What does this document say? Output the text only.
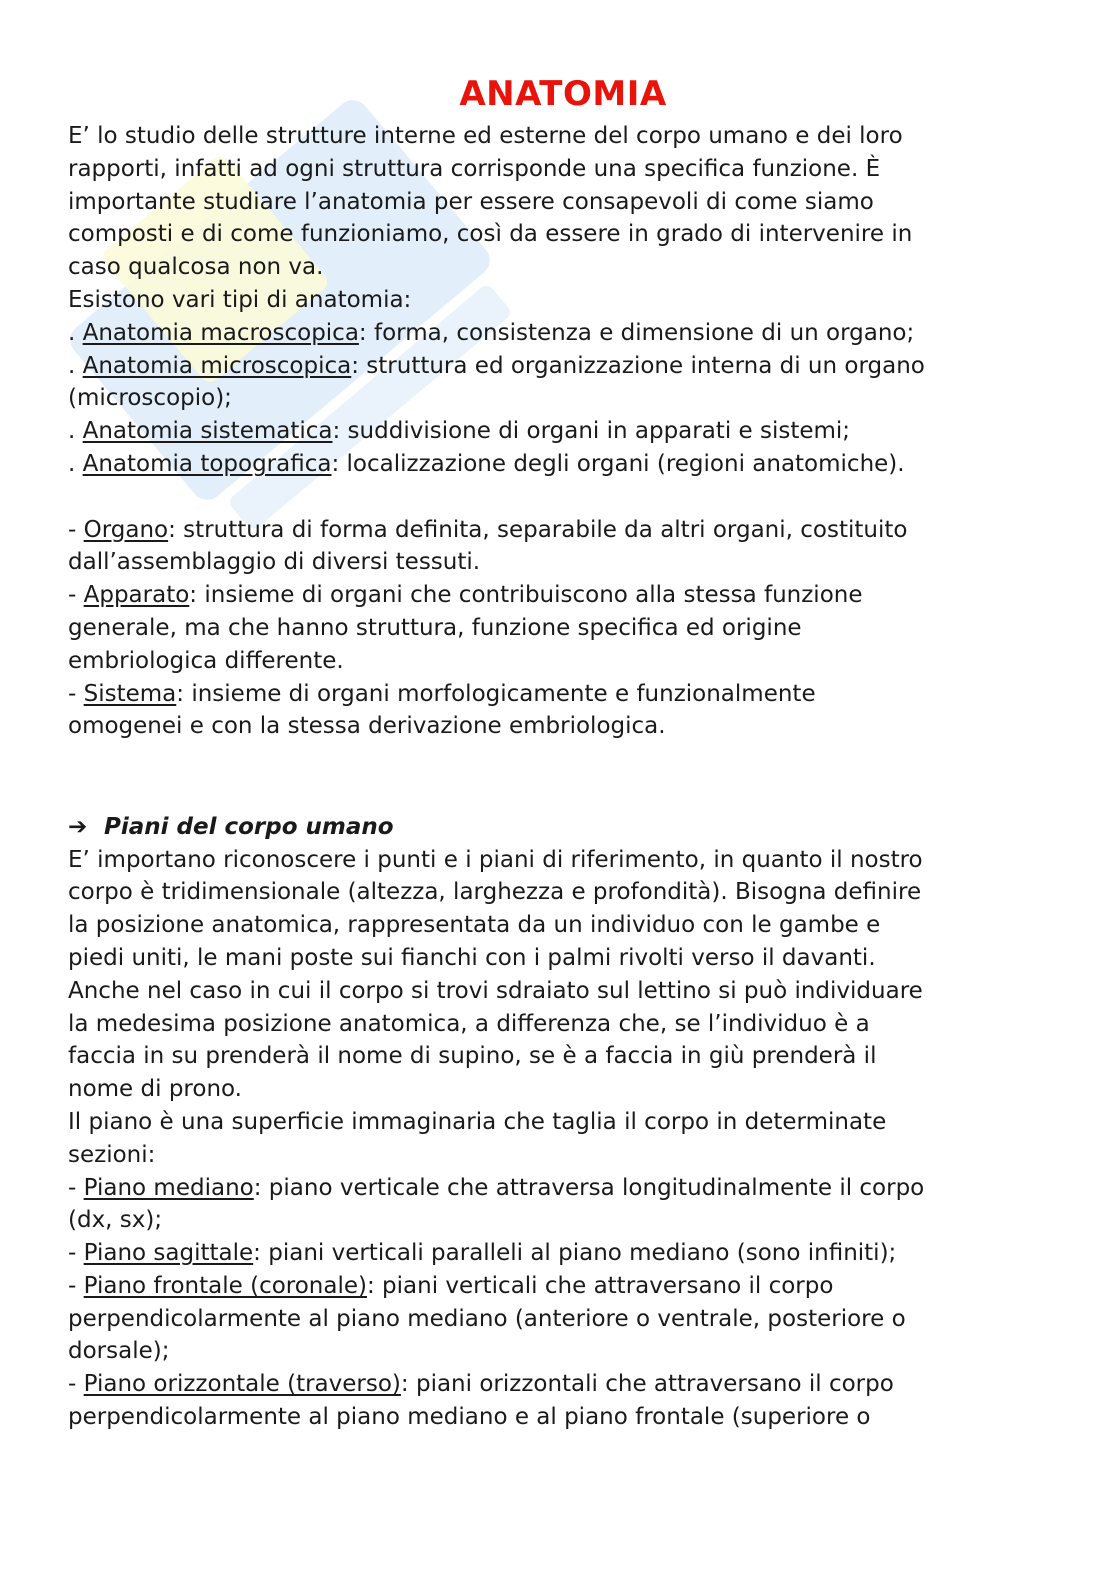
ANATOMIA

E’ lo studio delle strutture interne ed esterne del corpo umano e dei loro

rapporti, infatti ad ogni struttura corrisponde una specifica funzione. È

importante studiare l’anatomia per essere consapevoli di come siamo

composti e di come funzioniamo, così da essere in grado di intervenire in

caso qualcosa non va.

Esistono vari tipi di anatomia:

. Anatomia macroscopica: forma, consistenza e dimensione di un organo;

. Anatomia microscopica: struttura ed organizzazione interna di un organo

(microscopio);

. Anatomia sistematica: suddivisione di organi in apparati e sistemi;

. Anatomia topografica: localizzazione degli organi (regioni anatomiche).

- Organo: struttura di forma definita, separabile da altri organi, costituito

dall’assemblaggio di diversi tessuti.

- Apparato: insieme di organi che contribuiscono alla stessa funzione

generale, ma che hanno struttura, funzione specifica ed origine

embriologica differente.

- Sistema: insieme di organi morfologicamente e funzionalmente

omogenei e con la stessa derivazione embriologica.

➔ Piani del corpo umano

E’ importano riconoscere i punti e i piani di riferimento, in quanto il nostro

corpo è tridimensionale (altezza, larghezza e profondità). Bisogna definire

la posizione anatomica, rappresentata da un individuo con le gambe e

piedi uniti, le mani poste sui fianchi con i palmi rivolti verso il davanti.

Anche nel caso in cui il corpo si trovi sdraiato sul lettino si può individuare

la medesima posizione anatomica, a differenza che, se l’individuo è a

faccia in su prenderà il nome di supino, se è a faccia in giù prenderà il

nome di prono.

Il piano è una superficie immaginaria che taglia il corpo in determinate

sezioni:

- Piano mediano: piano verticale che attraversa longitudinalmente il corpo

(dx, sx);

- Piano sagittale: piani verticali paralleli al piano mediano (sono infiniti);

- Piano frontale (coronale): piani verticali che attraversano il corpo

perpendicolarmente al piano mediano (anteriore o ventrale, posteriore o

dorsale);

- Piano orizzontale (traverso): piani orizzontali che attraversano il corpo

perpendicolarmente al piano mediano e al piano frontale (superiore o
